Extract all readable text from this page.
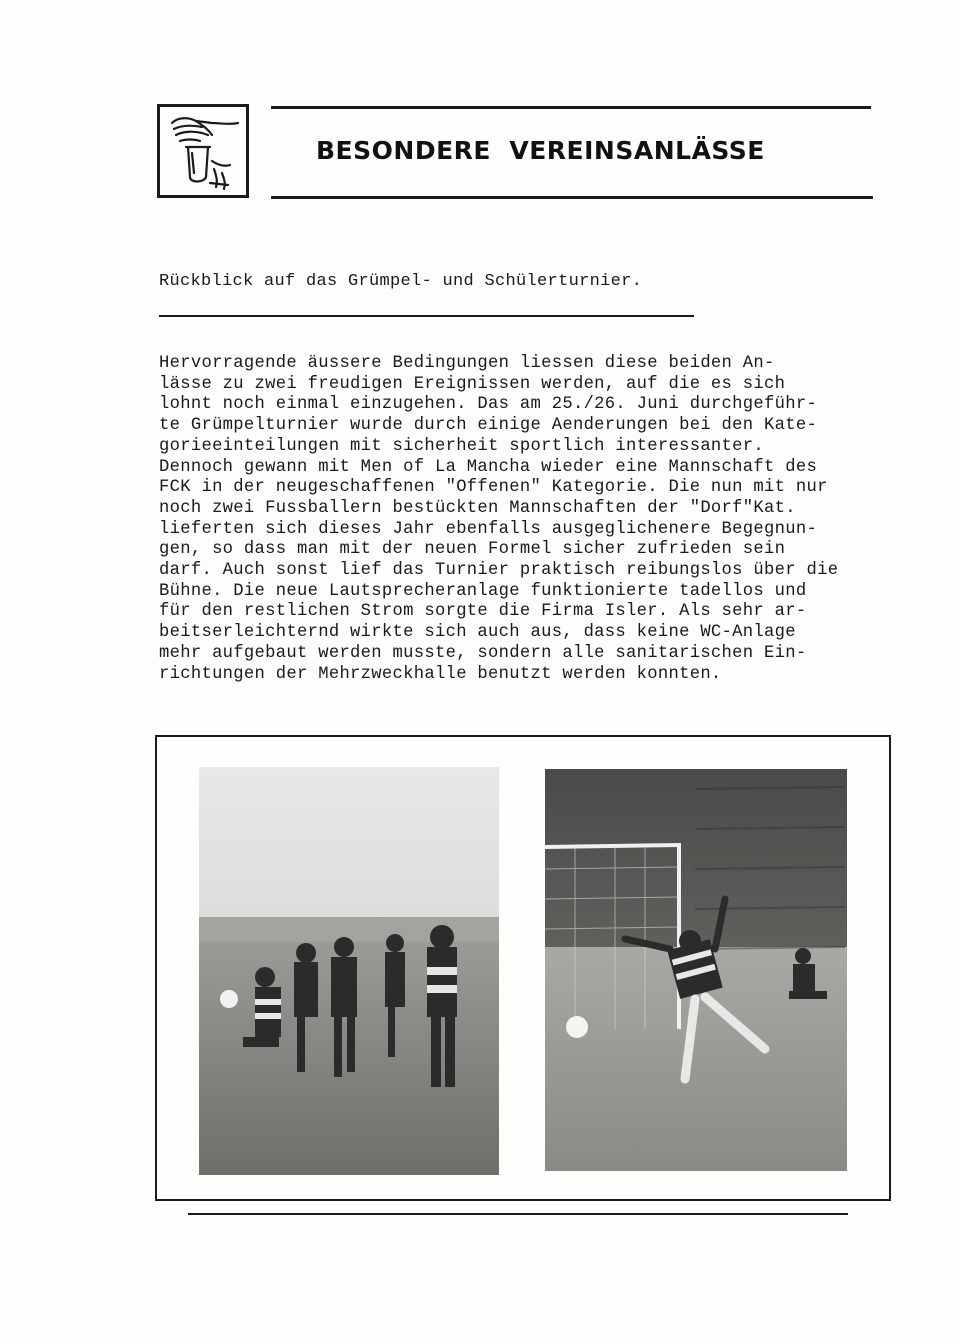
BESONDERE  VEREINSANLÄSSE
Rückblick auf das Grümpel- und Schülerturnier.
Hervorragende äussere Bedingungen liessen diese beiden An-
lässe zu zwei freudigen Ereignissen werden, auf die es sich
lohnt noch einmal einzugehen. Das am 25./26. Juni durchgeführ-
te Grümpelturnier wurde durch einige Aenderungen bei den Kate-
gorieeinteilungen mit sicherheit sportlich interessanter.
Dennoch gewann mit Men of La Mancha wieder eine Mannschaft des
FCK in der neugeschaffenen "Offenen" Kategorie. Die nun mit nur
noch zwei Fussballern bestückten Mannschaften der "Dorf"Kat.
lieferten sich dieses Jahr ebenfalls ausgeglichenere Begegnun-
gen, so dass man mit der neuen Formel sicher zufrieden sein
darf. Auch sonst lief das Turnier praktisch reibungslos über die
Bühne. Die neue Lautsprecheranlage funktionierte tadellos und
für den restlichen Strom sorgte die Firma Isler. Als sehr ar-
beitserleichternd wirkte sich auch aus, dass keine WC-Anlage
mehr aufgebaut werden musste, sondern alle sanitarischen Ein-
richtungen der Mehrzweckhalle benutzt werden konnten.
